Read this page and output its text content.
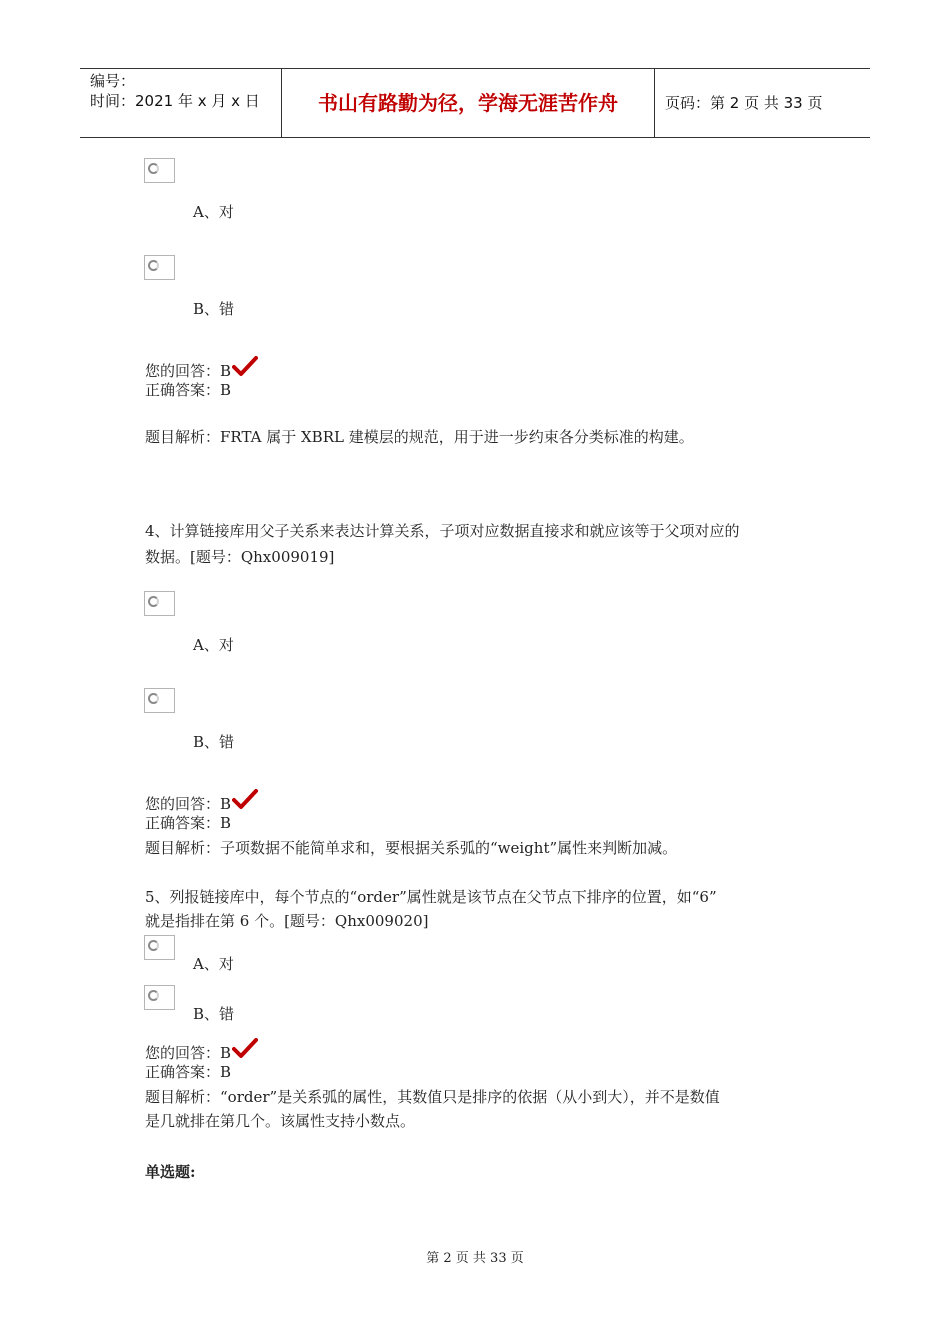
编号：
时间：2021 年 x 月 x 日	书山有路勤为径，学海无涯苦作舟	页码：第 2 页 共 33 页
A、对
B、错
您的回答：B
正确答案：B
题目解析：FRTA 属于 XBRL 建模层的规范，用于进一步约束各分类标准的构建。
4、计算链接库用父子关系来表达计算关系，子项对应数据直接求和就应该等于父项对应的
数据。[题号：Qhx009019]
A、对
B、错
您的回答：B
正确答案：B
题目解析：子项数据不能简单求和，要根据关系弧的“weight”属性来判断加减。
5、列报链接库中，每个节点的“order”属性就是该节点在父节点下排序的位置，如“6”
就是指排在第 6 个。[题号：Qhx009020]
A、对
B、错
您的回答：B
正确答案：B
题目解析：“order”是关系弧的属性，其数值只是排序的依据（从小到大），并不是数值
是几就排在第几个。该属性支持小数点。
单选题:
第 2 页 共 33 页
